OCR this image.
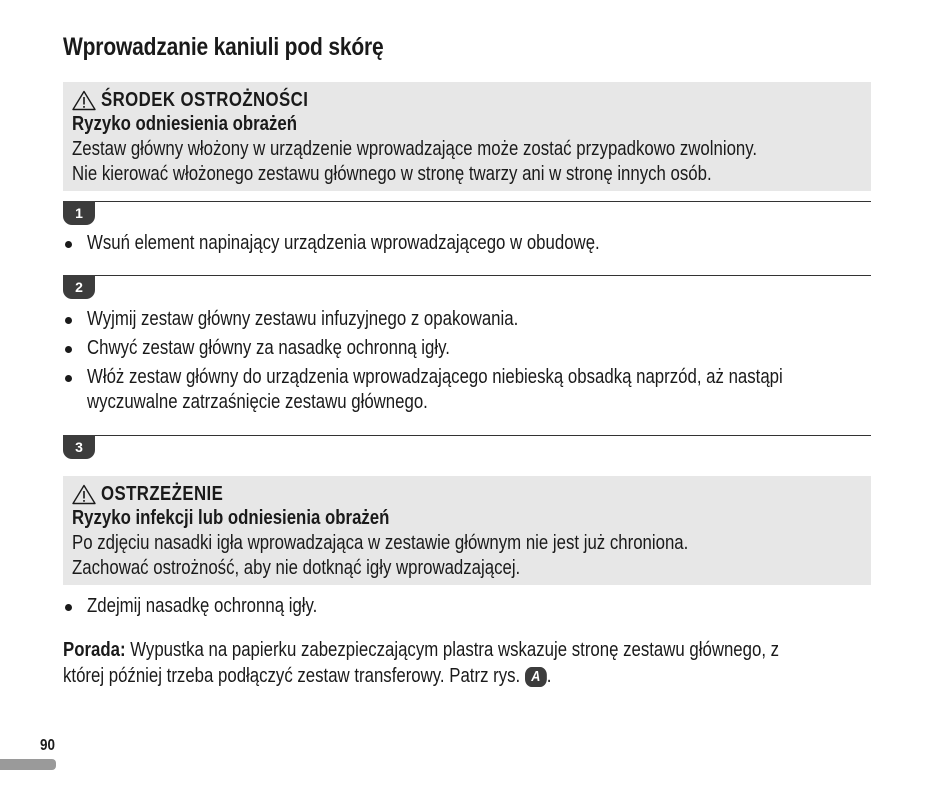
Wprowadzanie kaniuli pod skórę
ŚRODEK OSTROŻNOŚCI
Ryzyko odniesienia obrażeń
Zestaw główny włożony w urządzenie wprowadzające może zostać przypadkowo zwolniony.
Nie kierować włożonego zestawu głównego w stronę twarzy ani w stronę innych osób.
1
Wsuń element napinający urządzenia wprowadzającego w obudowę.
2
Wyjmij zestaw główny zestawu infuzyjnego z opakowania.
Chwyć zestaw główny za nasadkę ochronną igły.
Włóż zestaw główny do urządzenia wprowadzającego niebieską obsadką naprzód, aż nastąpi
wyczuwalne zatrzaśnięcie zestawu głównego.
3
OSTRZEŻENIE
Ryzyko infekcji lub odniesienia obrażeń
Po zdjęciu nasadki igła wprowadzająca w zestawie głównym nie jest już chroniona.
Zachować ostrożność, aby nie dotknąć igły wprowadzającej.
Zdejmij nasadkę ochronną igły.
Porada: Wypustka na papierku zabezpieczającym plastra wskazuje stronę zestawu głównego, z
której później trzeba podłączyć zestaw transferowy. Patrz rys. A .
90
